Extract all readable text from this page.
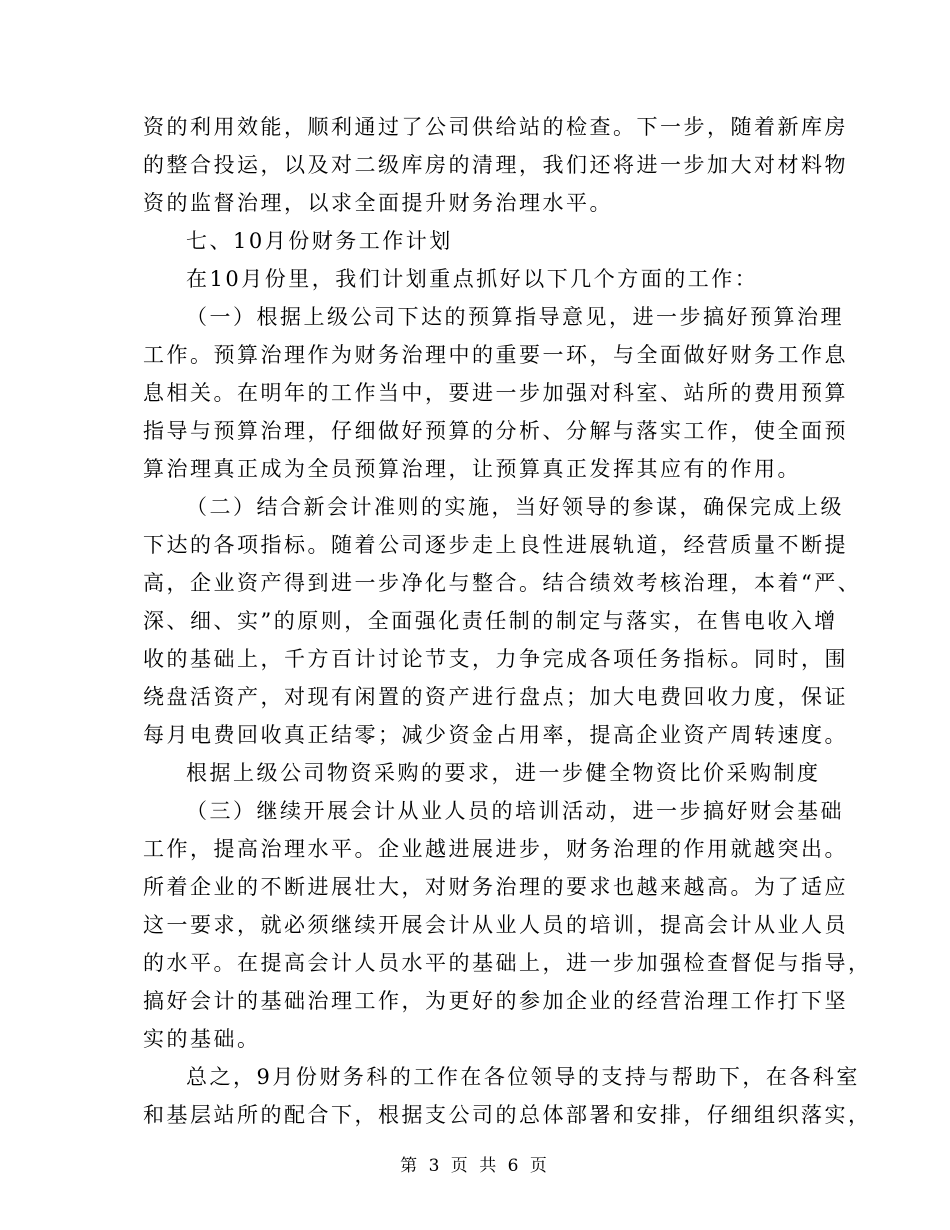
资的利用效能，顺利通过了公司供给站的检查。下一步，随着新库房
的整合投运，以及对二级库房的清理，我们还将进一步加大对材料物
资的监督治理，以求全面提升财务治理水平。
七、10月份财务工作计划
在10月份里，我们计划重点抓好以下几个方面的工作：
（一）根据上级公司下达的预算指导意见，进一步搞好预算治理
工作。预算治理作为财务治理中的重要一环，与全面做好财务工作息
息相关。在明年的工作当中，要进一步加强对科室、站所的费用预算
指导与预算治理，仔细做好预算的分析、分解与落实工作，使全面预
算治理真正成为全员预算治理，让预算真正发挥其应有的作用。
（二）结合新会计准则的实施，当好领导的参谋，确保完成上级
下达的各项指标。随着公司逐步走上良性进展轨道，经营质量不断提
高，企业资产得到进一步净化与整合。结合绩效考核治理，本着“严、
深、细、实”的原则，全面强化责任制的制定与落实，在售电收入增
收的基础上，千方百计讨论节支，力争完成各项任务指标。同时，围
绕盘活资产，对现有闲置的资产进行盘点；加大电费回收力度，保证
每月电费回收真正结零；减少资金占用率，提高企业资产周转速度。
根据上级公司物资采购的要求，进一步健全物资比价采购制度
（三）继续开展会计从业人员的培训活动，进一步搞好财会基础
工作，提高治理水平。企业越进展进步，财务治理的作用就越突出。
所着企业的不断进展壮大，对财务治理的要求也越来越高。为了适应
这一要求，就必须继续开展会计从业人员的培训，提高会计从业人员
的水平。在提高会计人员水平的基础上，进一步加强检查督促与指导，
搞好会计的基础治理工作，为更好的参加企业的经营治理工作打下坚
实的基础。
总之，9月份财务科的工作在各位领导的支持与帮助下，在各科室
和基层站所的配合下，根据支公司的总体部署和安排，仔细组织落实，
第 3 页 共 6 页
